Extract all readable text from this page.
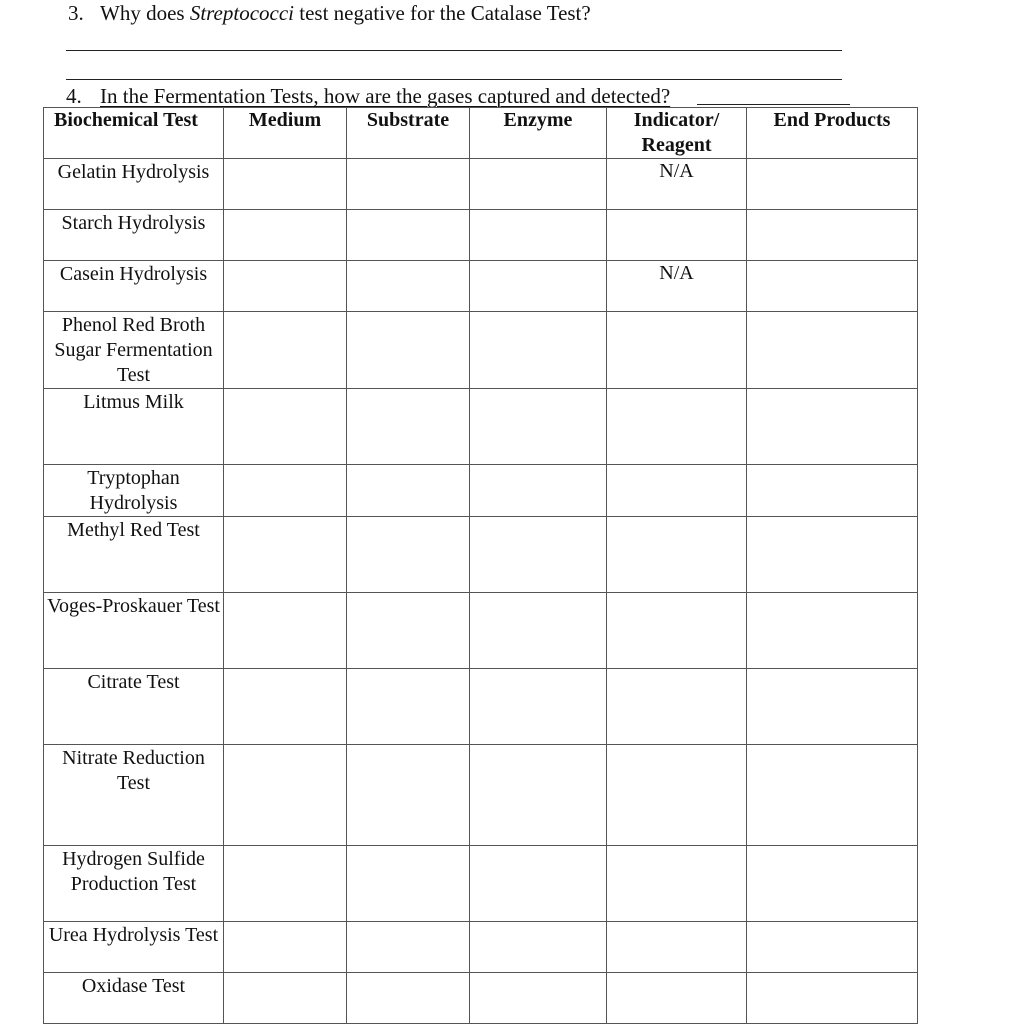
3. Why does Streptococci test negative for the Catalase Test?
4. In the Fermentation Tests, how are the gases captured and detected?
Biochemical Test	Medium	Substrate	Enzyme	Indicator/ Reagent	End Products
Gelatin Hydrolysis				N/A	
Starch Hydrolysis					
Casein Hydrolysis				N/A	
Phenol Red Broth Sugar Fermentation Test					
Litmus Milk					
Tryptophan Hydrolysis					
Methyl Red Test					
Voges-Proskauer Test					
Citrate Test					
Nitrate Reduction Test					
Hydrogen Sulfide Production Test					
Urea Hydrolysis Test					
Oxidase Test					
